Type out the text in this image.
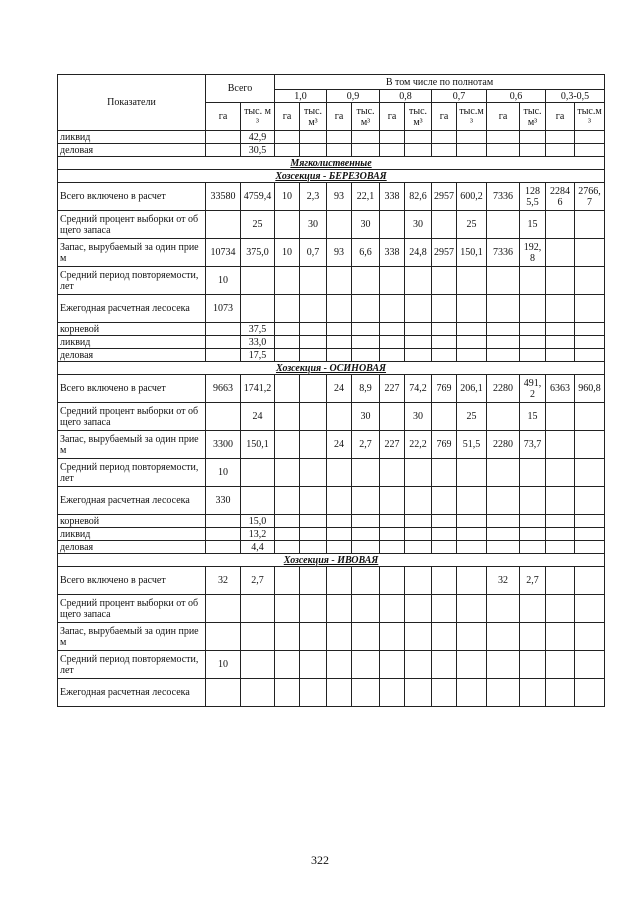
Показатели	Всего		В том числе по полнотам											
			1,0		0,9		0,8		0,7		0,6		0,3-0,5	
	га	тыс. м³	га	тыс. м³	га	тыс. м³	га	тыс. м³	га	тыс.м ³	га	тыс. м³	га	тыс.м ³
ликвид		42,9												
деловая		30,5												
Мягколиственные														
Хозсекция - БЕРЕЗОВАЯ														
Всего включено в расчет	33580	4759,4	10	2,3	93	22,1	338	82,6	2957	600,2	7336	1285,5	22846	2766,7
Средний процент выборки от общего запаса		25		30		30		30		25		15		
Запас, вырубаемый за один прием	10734	375,0	10	0,7	93	6,6	338	24,8	2957	150,1	7336	192,8		
Средний период повторяемости, лет	10													
Ежегодная расчетная лесосека	1073													
корневой		37,5												
ликвид		33,0												
деловая		17,5												
Хозсекция - ОСИНОВАЯ														
Всего включено в расчет	9663	1741,2			24	8,9	227	74,2	769	206,1	2280	491,2	6363	960,8
Средний процент выборки от общего запаса		24				30		30		25		15		
Запас, вырубаемый за один прием	3300	150,1			24	2,7	227	22,2	769	51,5	2280	73,7		
Средний период повторяемости, лет	10													
Ежегодная расчетная лесосека	330													
корневой		15,0												
ликвид		13,2												
деловая		4,4												
Хозсекция - ИВОВАЯ														
Всего включено в расчет	32	2,7									32	2,7		
Средний процент выборки от общего запаса														
Запас, вырубаемый за один прием														
Средний период повторяемости, лет	10													
Ежегодная расчетная лесосека														
322
